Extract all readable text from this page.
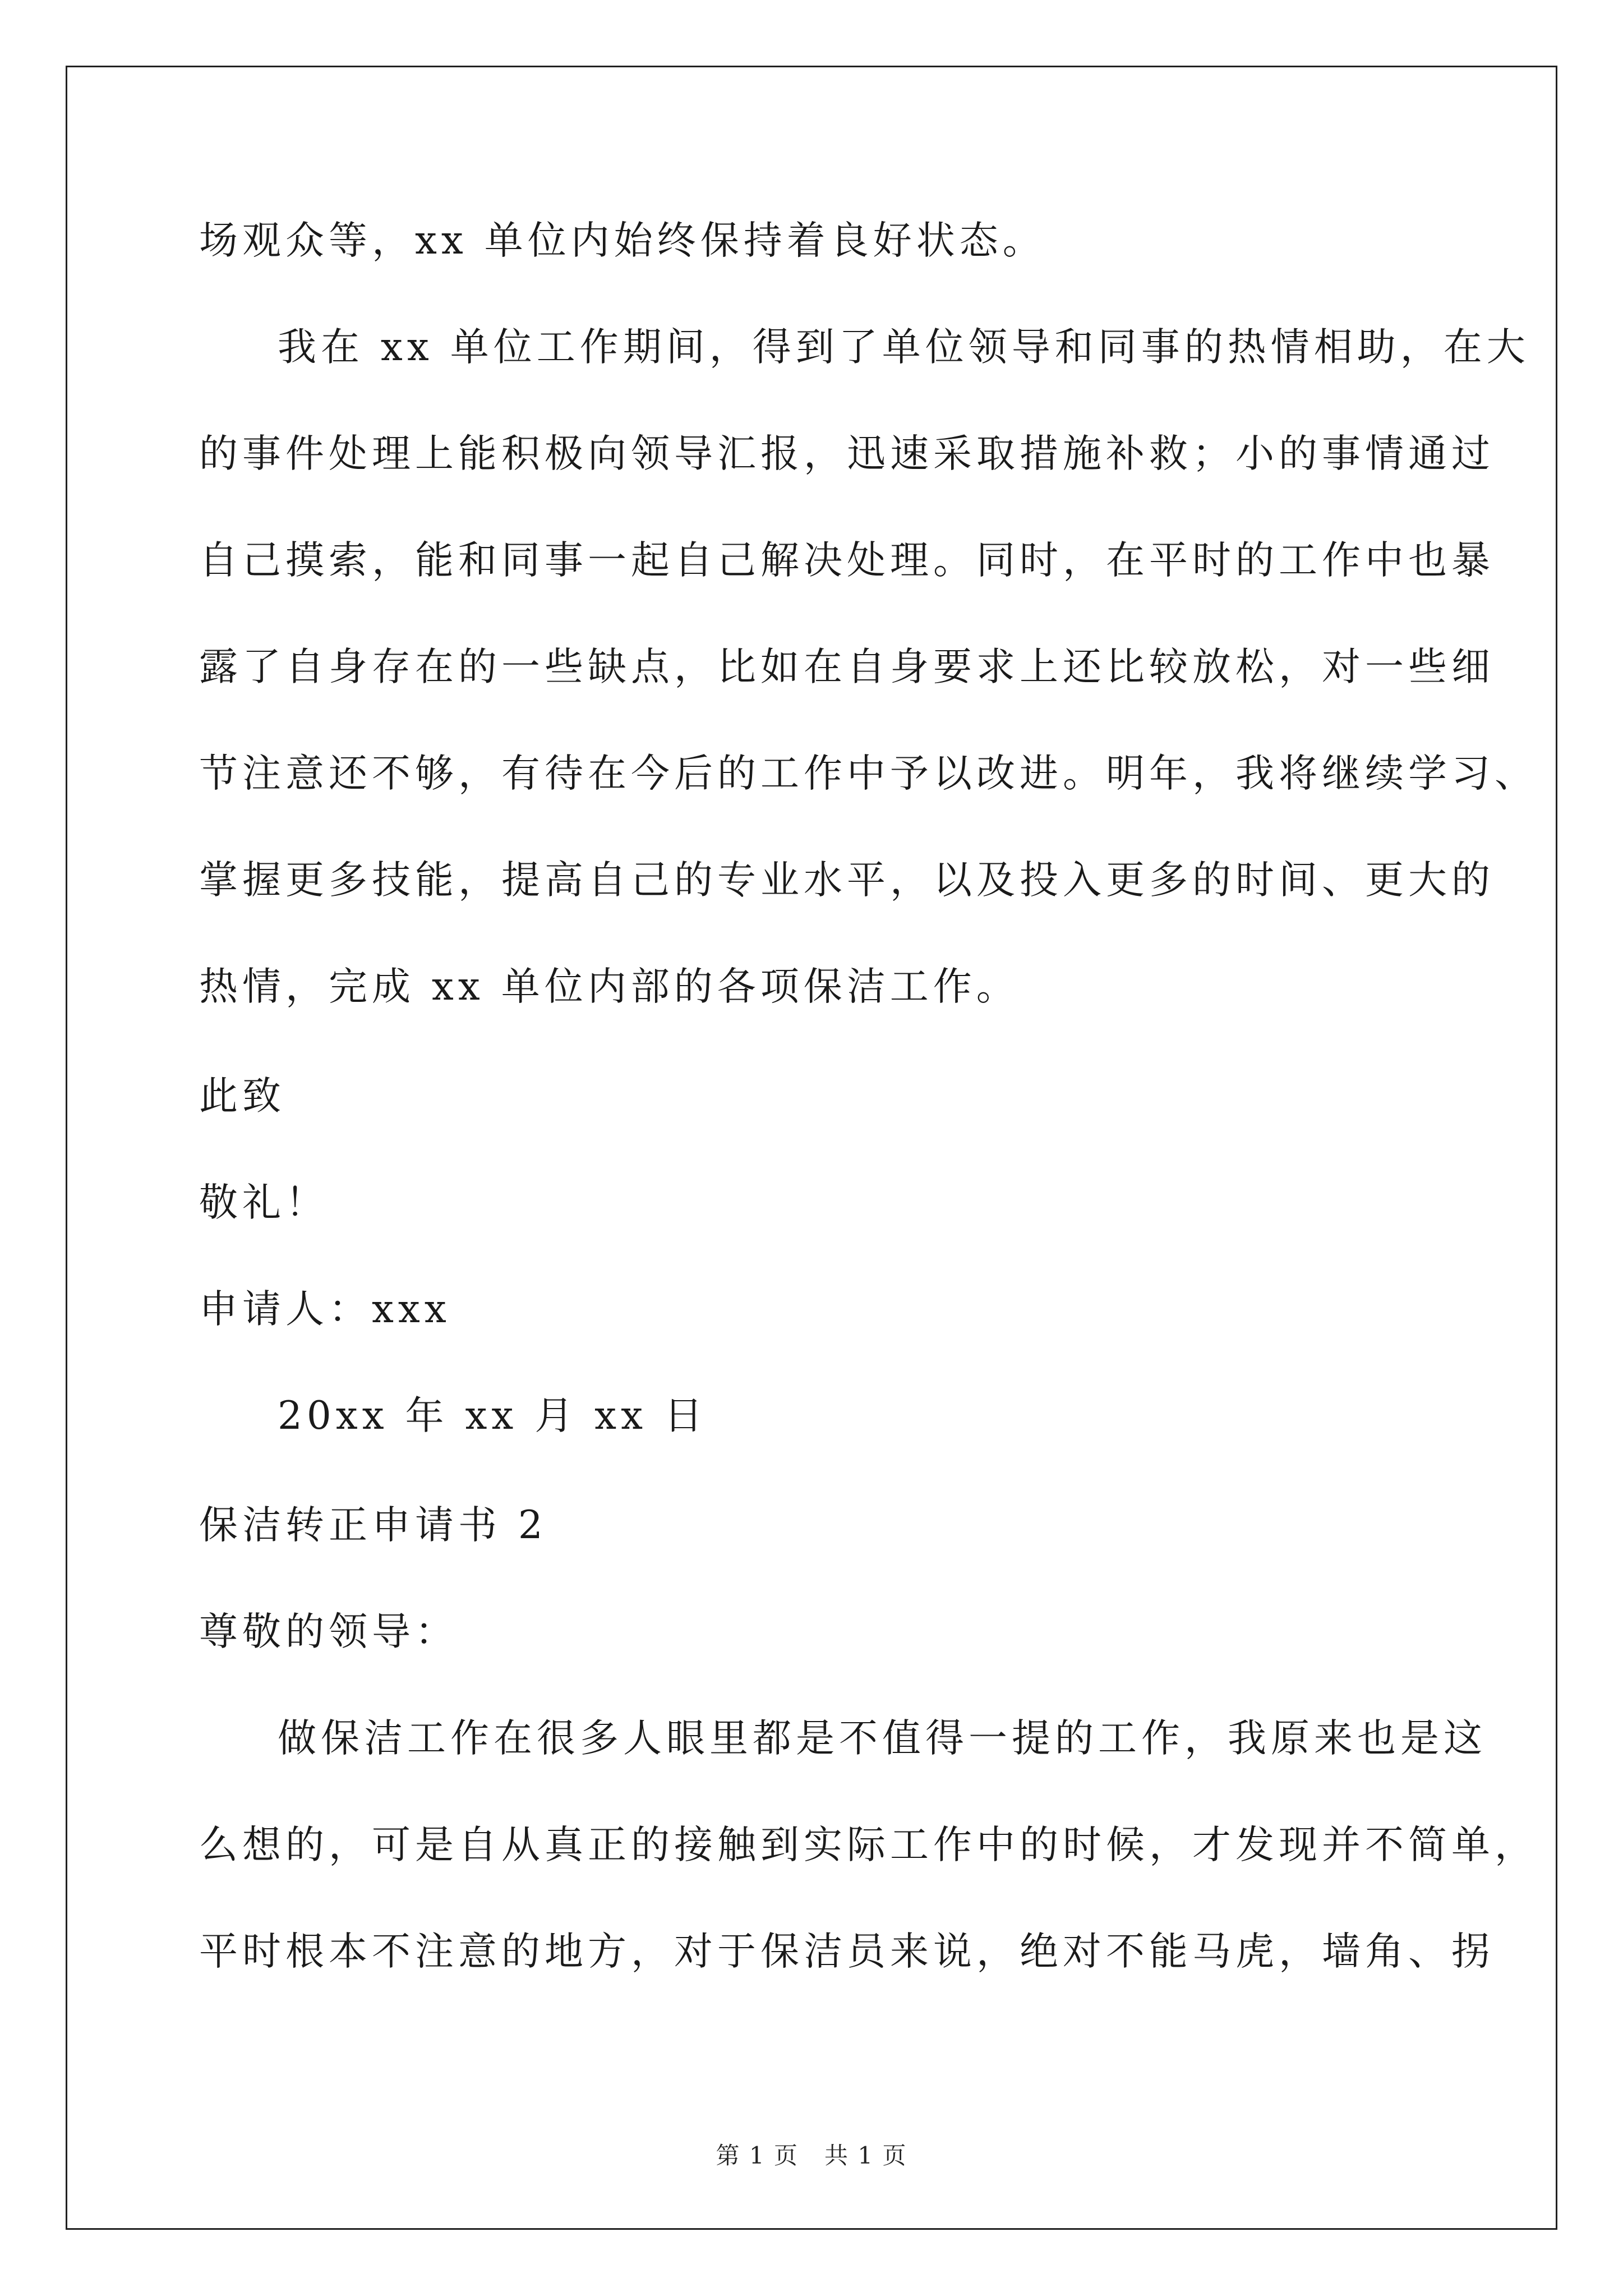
场观众等，xx 单位内始终保持着良好状态。
我在 xx 单位工作期间，得到了单位领导和同事的热情相助，在大
的事件处理上能积极向领导汇报，迅速采取措施补救；小的事情通过
自己摸索，能和同事一起自己解决处理。同时，在平时的工作中也暴
露了自身存在的一些缺点，比如在自身要求上还比较放松，对一些细
节注意还不够，有待在今后的工作中予以改进。明年，我将继续学习、
掌握更多技能，提高自己的专业水平，以及投入更多的时间、更大的
热情，完成 xx 单位内部的各项保洁工作。
此致
敬礼！
申请人：xxx
20xx 年 xx 月 xx 日
保洁转正申请书 2
尊敬的领导：
做保洁工作在很多人眼里都是不值得一提的工作，我原来也是这
么想的，可是自从真正的接触到实际工作中的时候，才发现并不简单，
平时根本不注意的地方，对于保洁员来说，绝对不能马虎，墙角、拐
第 1 页   共 1 页
